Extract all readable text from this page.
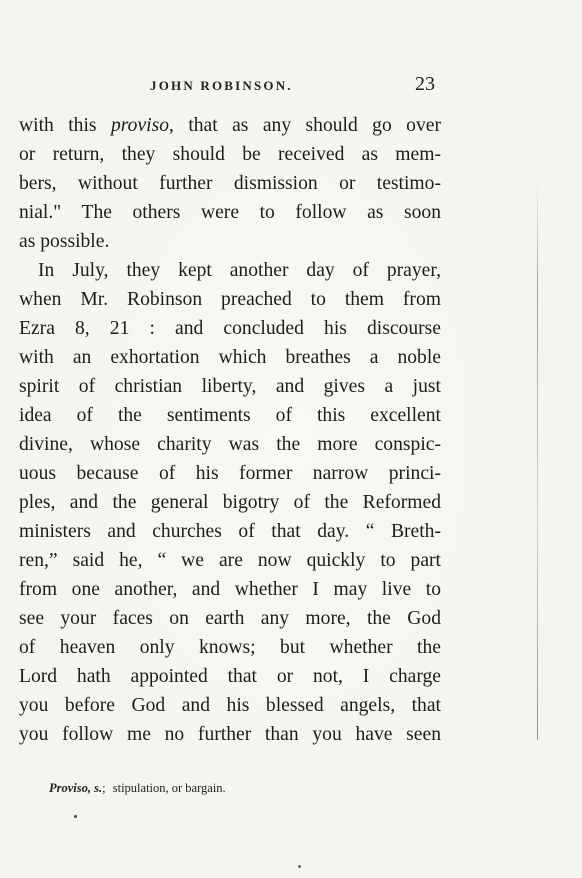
JOHN ROBINSON.	23
with this proviso, that as any should go over
or return, they should be received as mem-
bers, without further dismission or testimo-
nial." The others were to follow as soon
as possible.
In July, they kept another day of prayer,
when Mr. Robinson preached to them from
Ezra 8, 21 : and concluded his discourse
with an exhortation which breathes a noble
spirit of christian liberty, and gives a just
idea of the sentiments of this excellent
divine, whose charity was the more conspic-
uous because of his former narrow princi-
ples, and the general bigotry of the Reformed
ministers and churches of that day. “ Breth-
ren,” said he, “ we are now quickly to part
from one another, and whether I may live to
see your faces on earth any more, the God
of heaven only knows; but whether the
Lord hath appointed that or not, I charge
you before God and his blessed angels, that
you follow me no further than you have seen
Proviso, s.; stipulation, or bargain.
